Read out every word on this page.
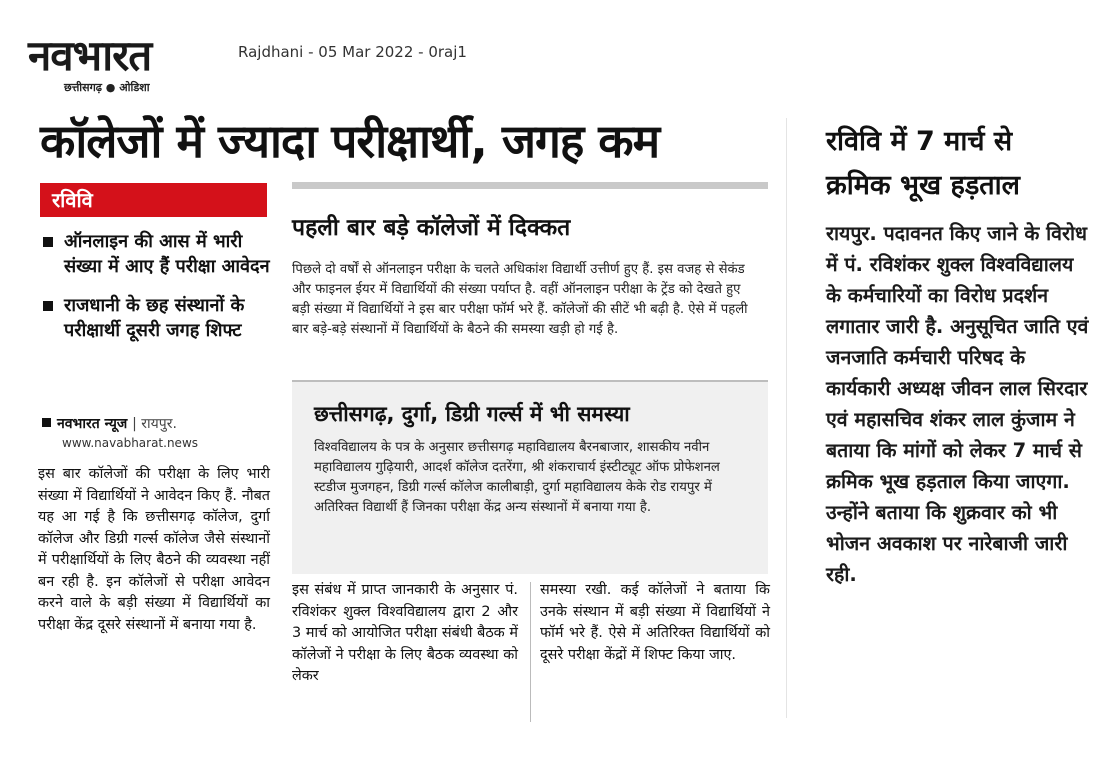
नवभारत
छत्तीसगढ़ ● ओडिशा
Rajdhani - 05 Mar 2022 - 0raj1
कॉलेजों में ज्यादा परीक्षार्थी, जगह कम
रविवि
ऑनलाइन की आस में भारी संख्या में आए हैं परीक्षा आवेदन
राजधानी के छह संस्थानों के परीक्षार्थी दूसरी जगह शिफ्ट
नवभारत न्यूज | रायपुर.
www.navabharat.news
इस बार कॉलेजों की परीक्षा के लिए भारी संख्या में विद्यार्थियों ने आवेदन किए हैं. नौबत यह आ गई है कि छत्तीसगढ़ कॉलेज, दुर्गा कॉलेज और डिग्री गर्ल्स कॉलेज जैसे संस्थानों में परीक्षार्थियों के लिए बैठने की व्यवस्था नहीं बन रही है. इन कॉलेजों से परीक्षा आवेदन करने वाले के बड़ी संख्या में विद्यार्थियों का परीक्षा केंद्र दूसरे संस्थानों में बनाया गया है.
पहली बार बड़े कॉलेजों में दिक्कत
पिछले दो वर्षों से ऑनलाइन परीक्षा के चलते अधिकांश विद्यार्थी उत्तीर्ण हुए हैं. इस वजह से सेकंड और फाइनल ईयर में विद्यार्थियों की संख्या पर्याप्त है. वहीं ऑनलाइन परीक्षा के ट्रेंड को देखते हुए बड़ी संख्या में विद्यार्थियों ने इस बार परीक्षा फॉर्म भरे हैं. कॉलेजों की सीटें भी बढ़ी है. ऐसे में पहली बार बड़े-बड़े संस्थानों में विद्यार्थियों के बैठने की समस्या खड़ी हो गई है.
छत्तीसगढ़, दुर्गा, डिग्री गर्ल्स में भी समस्या
विश्वविद्यालय के पत्र के अनुसार छत्तीसगढ़ महाविद्यालय बैरनबाजार, शासकीय नवीन महाविद्यालय गुढ़ियारी, आदर्श कॉलेज दतरेंगा, श्री शंकराचार्य इंस्टीट्यूट ऑफ प्रोफेशनल स्टडीज मुजगहन, डिग्री गर्ल्स कॉलेज कालीबाड़ी, दुर्गा महाविद्यालय केके रोड रायपुर में अतिरिक्त विद्यार्थी हैं जिनका परीक्षा केंद्र अन्य संस्थानों में बनाया गया है.
इस संबंध में प्राप्त जानकारी के अनुसार पं. रविशंकर शुक्ल विश्वविद्यालय द्वारा 2 और 3 मार्च को आयोजित परीक्षा संबंधी बैठक में कॉलेजों ने परीक्षा के लिए बैठक व्यवस्था को लेकर
समस्या रखी. कई कॉलेजों ने बताया कि उनके संस्थान में बड़ी संख्या में विद्यार्थियों ने फॉर्म भरे हैं. ऐसे में अतिरिक्त विद्यार्थियों को दूसरे परीक्षा केंद्रों में शिफ्ट किया जाए.
रविवि में 7 मार्च से
क्रमिक भूख हड़ताल
रायपुर. पदावनत किए जाने के विरोध में पं. रविशंकर शुक्ल विश्वविद्यालय के कर्मचारियों का विरोध प्रदर्शन लगातार जारी है. अनुसूचित जाति एवं जनजाति कर्मचारी परिषद के कार्यकारी अध्यक्ष जीवन लाल सिरदार एवं महासचिव शंकर लाल कुंजाम ने बताया कि मांगों को लेकर 7 मार्च से क्रमिक भूख हड़ताल किया जाएगा. उन्होंने बताया कि शुक्रवार को भी भोजन अवकाश पर नारेबाजी जारी रही.
